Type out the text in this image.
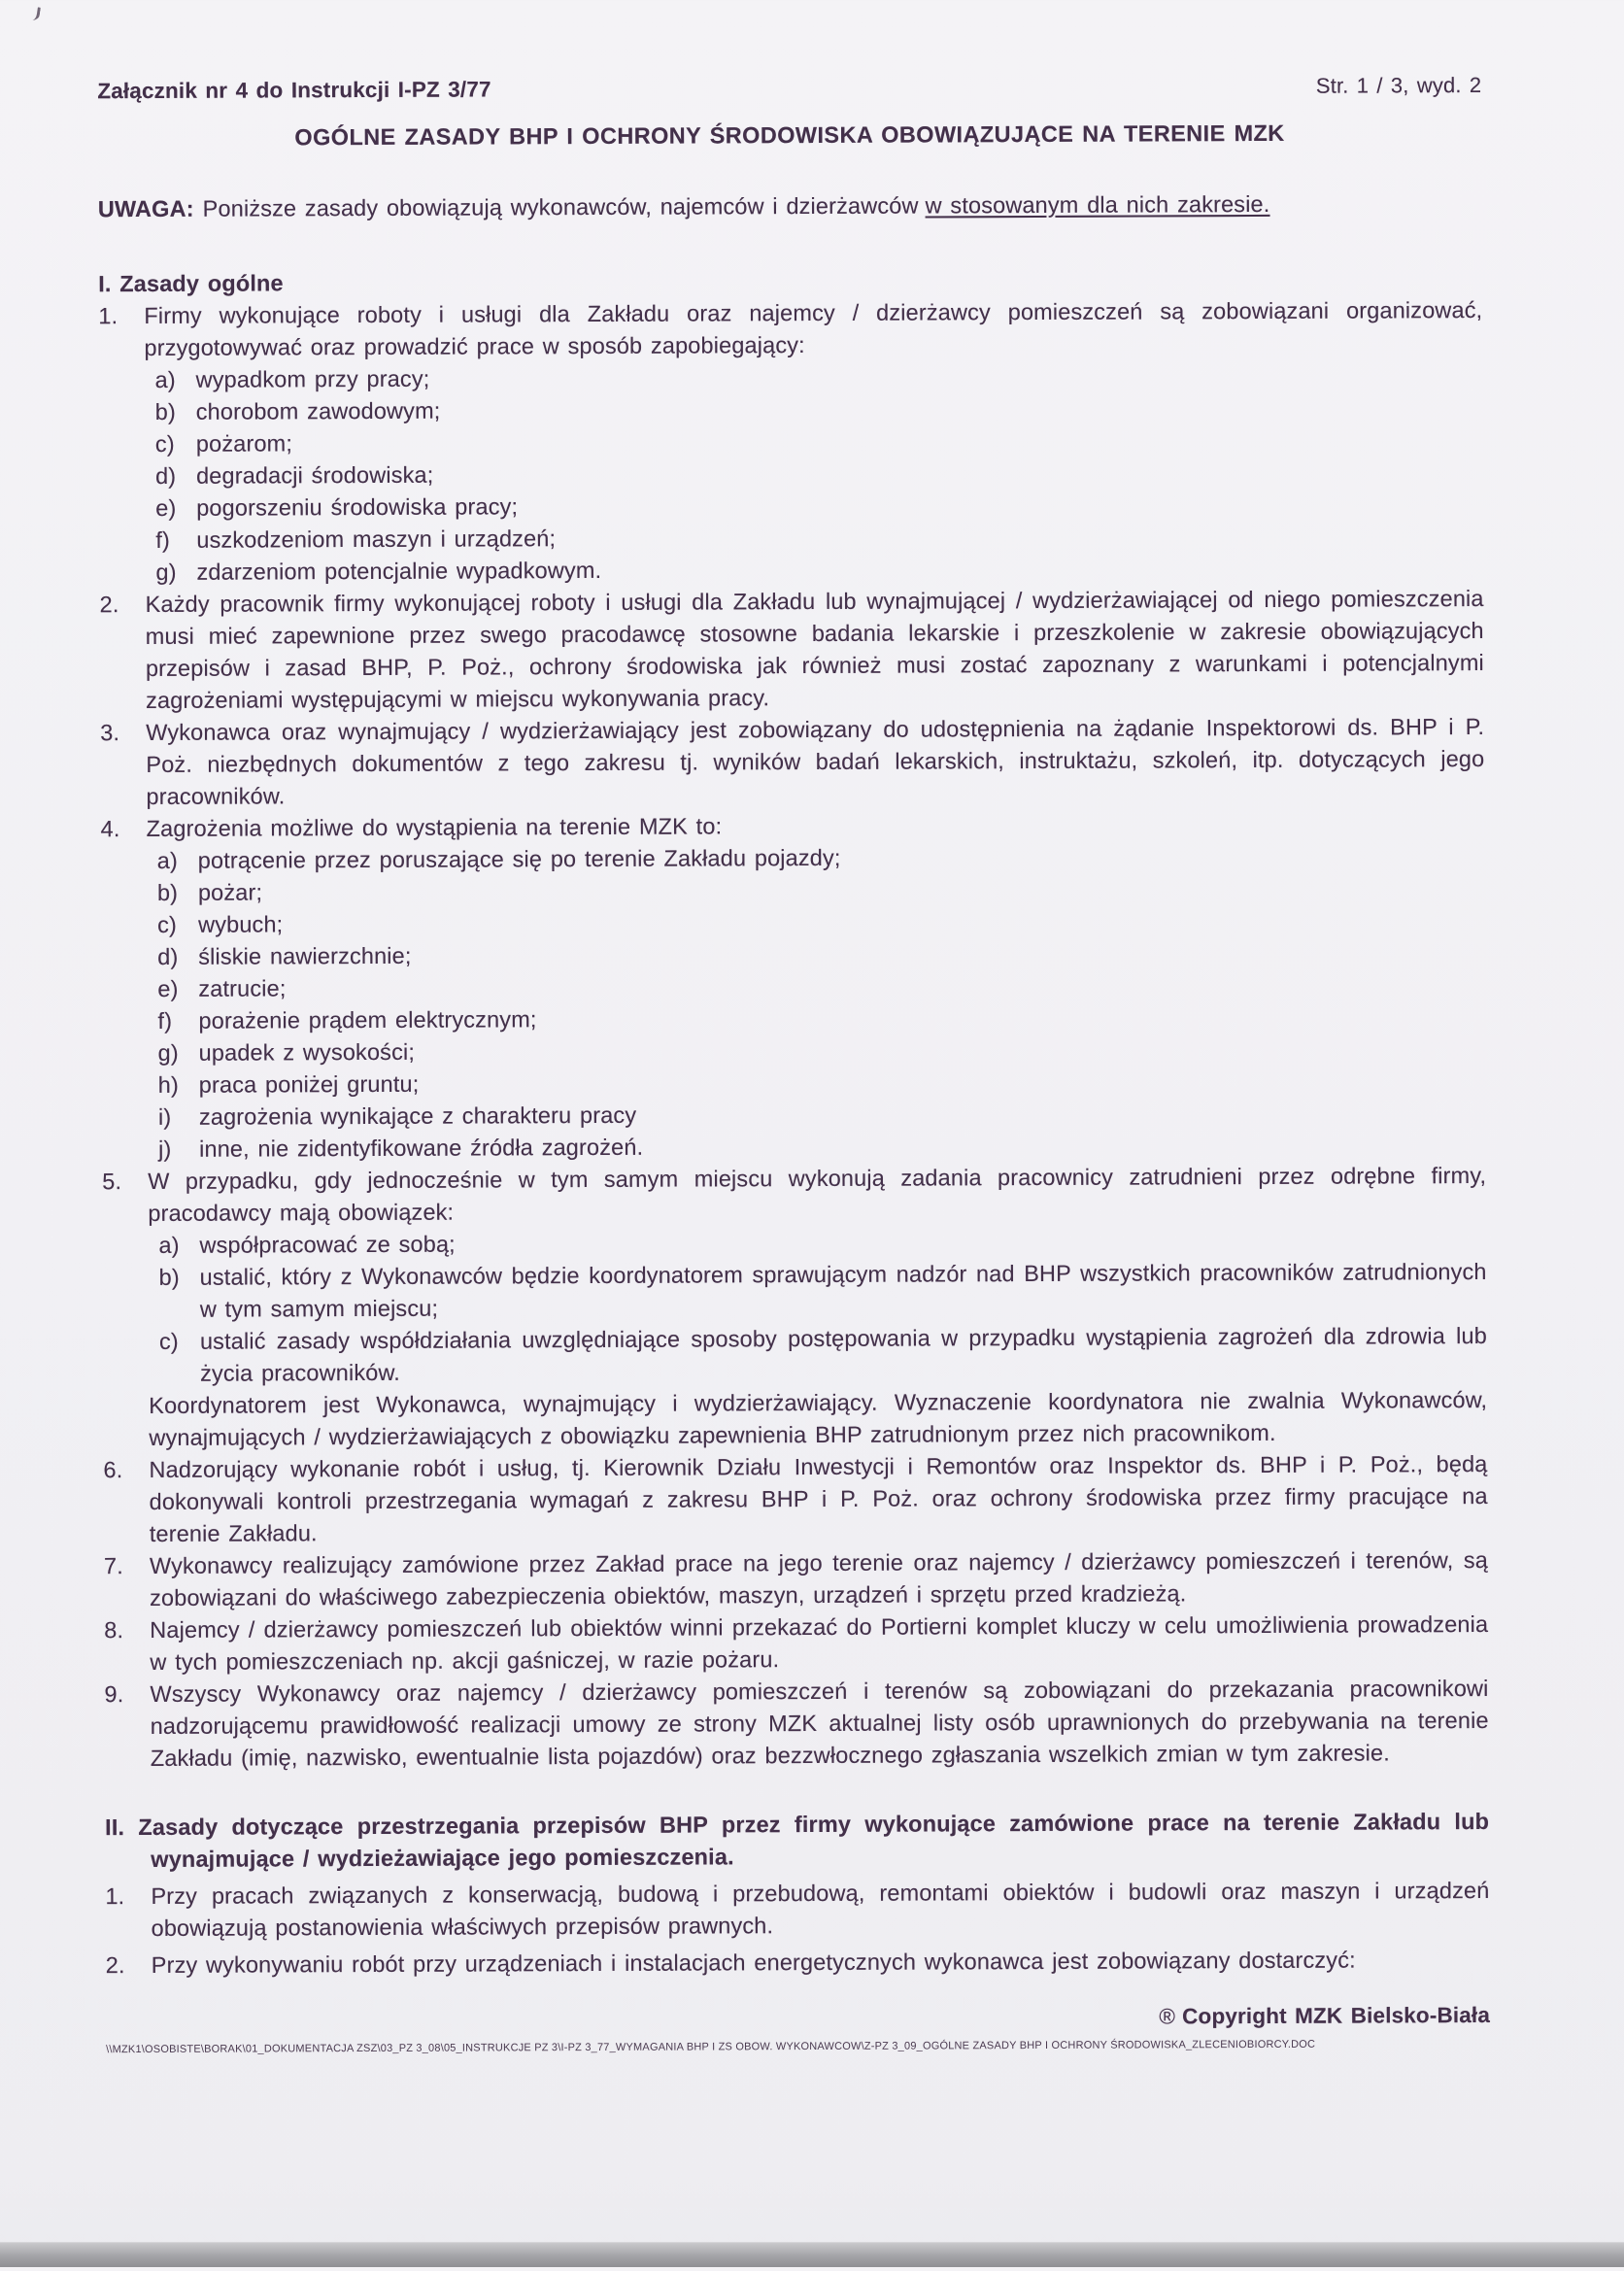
Załącznik nr 4 do Instrukcji I-PZ 3/77	Str. 1 / 3, wyd. 2
OGÓLNE ZASADY BHP I OCHRONY ŚRODOWISKA OBOWIĄZUJĄCE NA TERENIE MZK
UWAGA: Poniższe zasady obowiązują wykonawców, najemców i dzierżawców w stosowanym dla nich zakresie.
I. Zasady ogólne
1. Firmy wykonujące roboty i usługi dla Zakładu oraz najemcy / dzierżawcy pomieszczeń są zobowiązani organizować, przygotowywać oraz prowadzić prace w sposób zapobiegający:
a) wypadkom przy pracy;
b) chorobom zawodowym;
c) pożarom;
d) degradacji środowiska;
e) pogorszeniu środowiska pracy;
f) uszkodzeniom maszyn i urządzeń;
g) zdarzeniom potencjalnie wypadkowym.
2. Każdy pracownik firmy wykonującej roboty i usługi dla Zakładu lub wynajmującej / wydzierżawiającej od niego pomieszczenia musi mieć zapewnione przez swego pracodawcę stosowne badania lekarskie i przeszkolenie w zakresie obowiązujących przepisów i zasad BHP, P. Poż., ochrony środowiska jak również musi zostać zapoznany z warunkami i potencjalnymi zagrożeniami występującymi w miejscu wykonywania pracy.
3. Wykonawca oraz wynajmujący / wydzierżawiający jest zobowiązany do udostępnienia na żądanie Inspektorowi ds. BHP i P. Poż. niezbędnych dokumentów z tego zakresu tj. wyników badań lekarskich, instruktażu, szkoleń, itp. dotyczących jego pracowników.
4. Zagrożenia możliwe do wystąpienia na terenie MZK to:
a) potrącenie przez poruszające się po terenie Zakładu pojazdy;
b) pożar;
c) wybuch;
d) śliskie nawierzchnie;
e) zatrucie;
f) porażenie prądem elektrycznym;
g) upadek z wysokości;
h) praca poniżej gruntu;
i) zagrożenia wynikające z charakteru pracy
j) inne, nie zidentyfikowane źródła zagrożeń.
5. W przypadku, gdy jednocześnie w tym samym miejscu wykonują zadania pracownicy zatrudnieni przez odrębne firmy, pracodawcy mają obowiązek:
a) współpracować ze sobą;
b) ustalić, który z Wykonawców będzie koordynatorem sprawującym nadzór nad BHP wszystkich pracowników zatrudnionych w tym samym miejscu;
c) ustalić zasady współdziałania uwzględniające sposoby postępowania w przypadku wystąpienia zagrożeń dla zdrowia lub życia pracowników.
Koordynatorem jest Wykonawca, wynajmujący i wydzierżawiający. Wyznaczenie koordynatora nie zwalnia Wykonawców, wynajmujących / wydzierżawiających z obowiązku zapewnienia BHP zatrudnionym przez nich pracownikom.
6. Nadzorujący wykonanie robót i usług, tj. Kierownik Działu Inwestycji i Remontów oraz Inspektor ds. BHP i P. Poż., będą dokonywali kontroli przestrzegania wymagań z zakresu BHP i P. Poż. oraz ochrony środowiska przez firmy pracujące na terenie Zakładu.
7. Wykonawcy realizujący zamówione przez Zakład prace na jego terenie oraz najemcy / dzierżawcy pomieszczeń i terenów, są zobowiązani do właściwego zabezpieczenia obiektów, maszyn, urządzeń i sprzętu przed kradzieżą.
8. Najemcy / dzierżawcy pomieszczeń lub obiektów winni przekazać do Portierni komplet kluczy w celu umożliwienia prowadzenia w tych pomieszczeniach np. akcji gaśniczej, w razie pożaru.
9. Wszyscy Wykonawcy oraz najemcy / dzierżawcy pomieszczeń i terenów są zobowiązani do przekazania pracownikowi nadzorującemu prawidłowość realizacji umowy ze strony MZK aktualnej listy osób uprawnionych do przebywania na terenie Zakładu (imię, nazwisko, ewentualnie lista pojazdów) oraz bezzwłocznego zgłaszania wszelkich zmian w tym zakresie.
II. Zasady dotyczące przestrzegania przepisów BHP przez firmy wykonujące zamówione prace na terenie Zakładu lub wynajmujące / wydzieżawiające jego pomieszczenia.
1. Przy pracach związanych z konserwacją, budową i przebudową, remontami obiektów i budowli oraz maszyn i urządzeń obowiązują postanowienia właściwych przepisów prawnych.
2. Przy wykonywaniu robót przy urządzeniach i instalacjach energetycznych wykonawca jest zobowiązany dostarczyć:
® Copyright MZK Bielsko-Biała
\\MZK1\OSOBISTE\BORAK\01_DOKUMENTACJA ZSZ\03_PZ 3_08\05_INSTRUKCJE PZ 3\I-PZ 3_77_WYMAGANIA BHP I ZS OBOW. WYKONAWCOW\Z-PZ 3_09_OGÓLNE ZASADY BHP I OCHRONY ŚRODOWISKA_ZLECENIOBIORCY.DOC
